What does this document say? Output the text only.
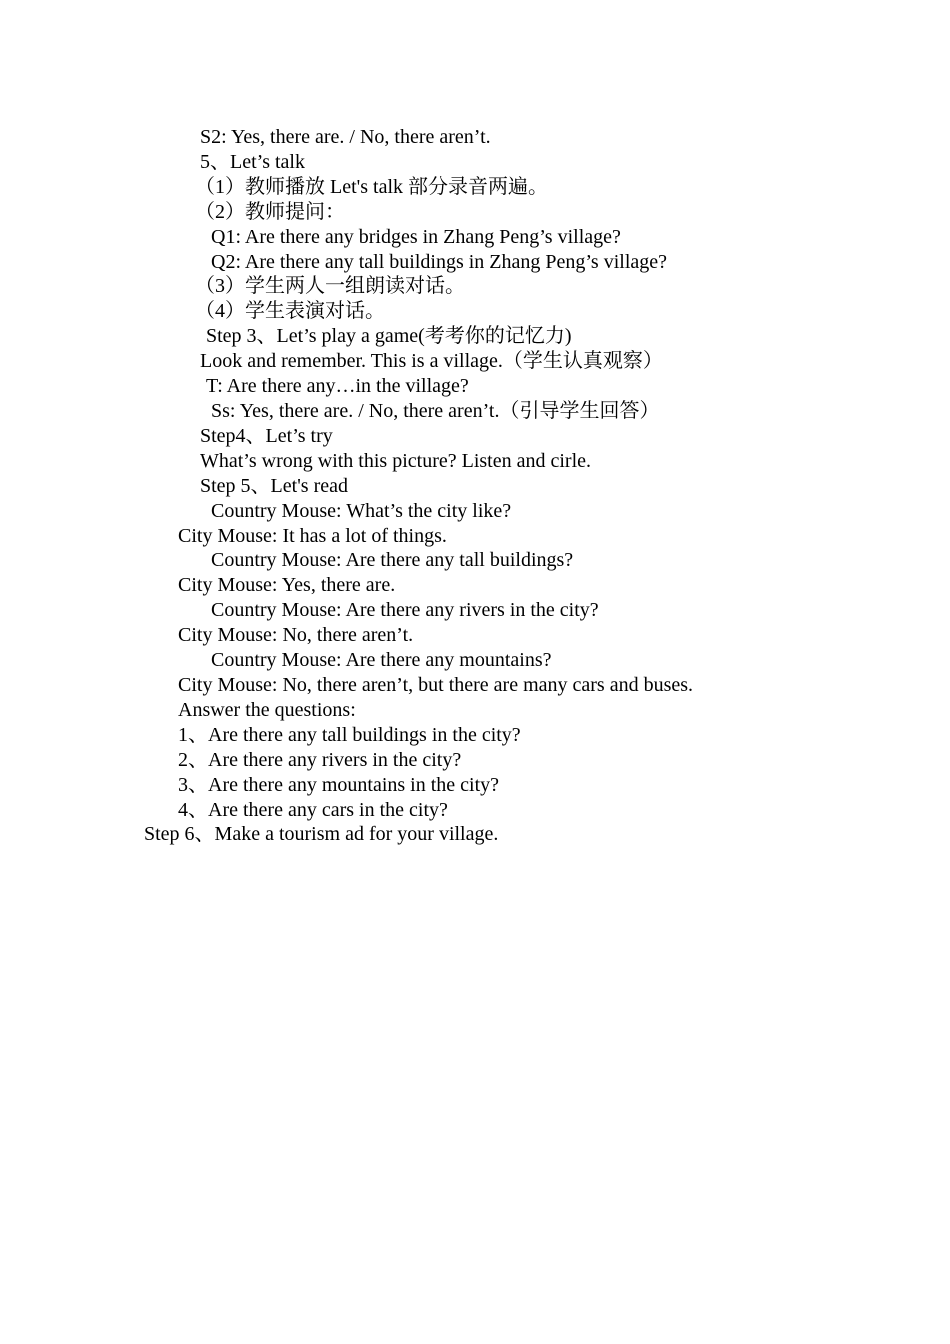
S2: Yes, there are. / No, there aren’t.
5、Let’s talk
（1）教师播放 Let's talk 部分录音两遍。
（2）教师提问：
Q1: Are there any bridges in Zhang Peng’s village?
Q2: Are there any tall buildings in Zhang Peng’s village?
（3）学生两人一组朗读对话。
（4）学生表演对话。
Step 3、Let’s play a game(考考你的记忆力)
Look and remember. This is a village.（学生认真观察）
T: Are there any…in the village?
Ss: Yes, there are. / No, there aren’t.（引导学生回答）
Step4、Let’s try
What’s wrong with this picture? Listen and cirle.
Step 5、Let's read
Country Mouse: What’s the city like?
City Mouse: It has a lot of things.
Country Mouse: Are there any tall buildings?
City Mouse: Yes, there are.
Country Mouse: Are there any rivers in the city?
City Mouse: No, there aren’t.
Country Mouse: Are there any mountains?
City Mouse: No, there aren’t, but there are many cars and buses.
Answer the questions:
1、Are there any tall buildings in the city?
2、Are there any rivers in the city?
3、Are there any mountains in the city?
4、Are there any cars in the city?
Step 6、Make a tourism ad for your village.
